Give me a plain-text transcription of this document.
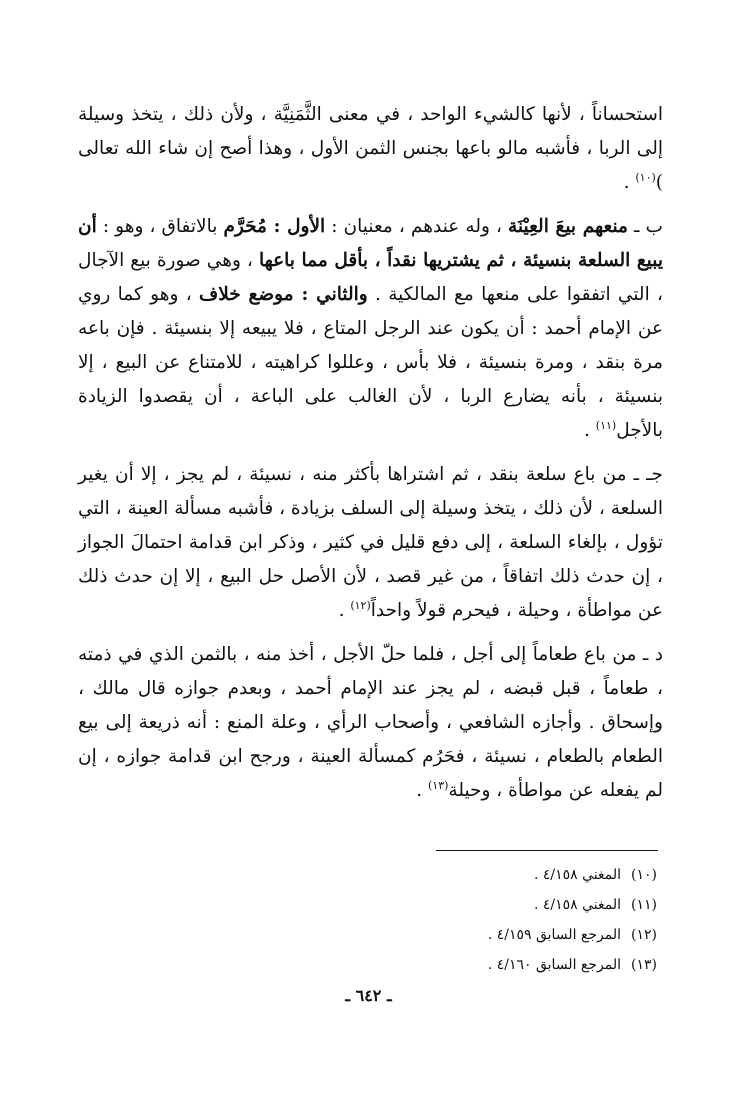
استحساناً ، لأنها كالشيء الواحد ، في معنى الثَّمَنِيَّة ، ولأن ذلك ، يتخذ وسيلة إلى الربا ، فأشبه مالو باعها بجنس الثمن الأول ، وهذا أصح إن شاء الله تعالى )$^{(١٠)}$ .

ب ـ منعهم بيعَ العِيْنَة ، وله عندهم ، معنيان : الأول : مُحَرَّم بالاتفاق ، وهو : أن يبيع السلعة بنسيئة ، ثم يشتريها نقداً ، بأقل مما باعها ، وهي صورة بيع الآجال ، التي اتفقوا على منعها مع المالكية . والثاني : موضع خلاف ، وهو كما روي عن الإمام أحمد : أن يكون عند الرجل المتاع ، فلا يبيعه إلا بنسيئة . فإن باعه مرة بنقد ، ومرة بنسيئة ، فلا بأس ، وعللوا كراهيته ، للامتناع عن البيع ، إلا بنسيئة ، بأنه يضارع الربا ، لأن الغالب على الباعة ، أن يقصدوا الزيادة بالأجل$^{(١١)}$ .

جـ ـ من باع سلعة بنقد ، ثم اشتراها بأكثر منه ، نسيئة ، لم يجز ، إلا أن يغير السلعة ، لأن ذلك ، يتخذ وسيلة إلى السلف بزيادة ، فأشبه مسألة العينة ، التي تؤول ، بإلغاء السلعة ، إلى دفع قليل في كثير ، وذكر ابن قدامة احتمالَ الجواز ، إن حدث ذلك اتفاقاً ، من غير قصد ، لأن الأصل حل البيع ، إلا إن حدث ذلك عن مواطأة ، وحيلة ، فيحرم قولاً واحداً$^{(١٢)}$ .

د ـ من باع طعاماً إلى أجل ، فلما حلّ الأجل ، أخذ منه ، بالثمن الذي في ذمته ، طعاماً ، قبل قبضه ، لم يجز عند الإمام أحمد ، وبعدم جوازه قال مالك ، وإسحاق . وأجازه الشافعي ، وأصحاب الرأي ، وعلة المنع : أنه ذريعة إلى بيع الطعام بالطعام ، نسيئة ، فحَرُم كمسألة العينة ، ورجح ابن قدامة جوازه ، إن لم يفعله عن مواطأة ، وحيلة$^{(١٣)}$ .

(١٠)المغني ٤/١٥٨ .
(١١)المغني ٤/١٥٨ .
(١٢)المرجع السابق ٤/١٥٩ .
(١٣)المرجع السابق ٤/١٦٠ .
ـ ٦٤٢ ـ
